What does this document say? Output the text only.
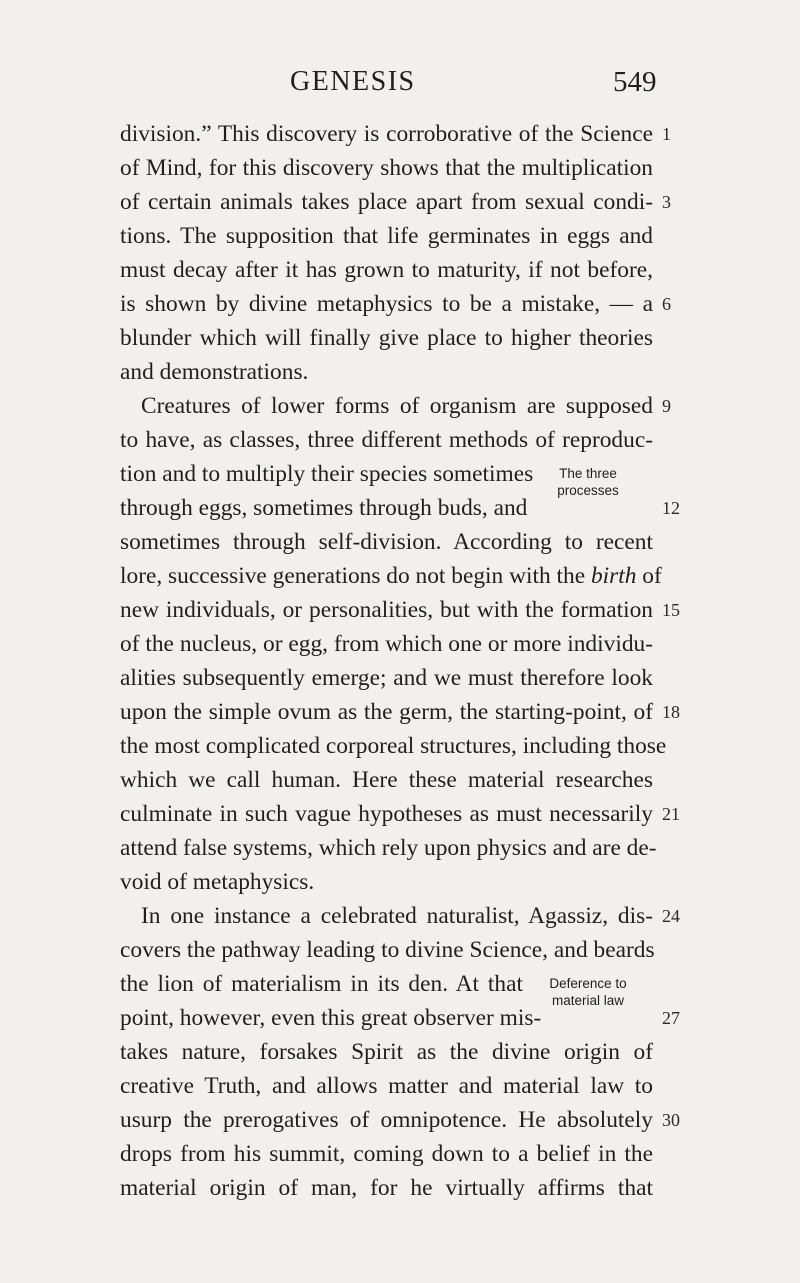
GENESIS	549
division.” This discovery is corroborative of the Science
of Mind, for this discovery shows that the multiplication
of certain animals takes place apart from sexual condi-
tions. The supposition that life germinates in eggs and
must decay after it has grown to maturity, if not before,
is shown by divine metaphysics to be a mistake, — a
blunder which will finally give place to higher theories
and demonstrations.
Creatures of lower forms of organism are supposed
to have, as classes, three different methods of reproduc-
tion and to multiply their species sometimes
through eggs, sometimes through buds, and
sometimes through self-division. According to recent
lore, successive generations do not begin with the birth of
new individuals, or personalities, but with the formation
of the nucleus, or egg, from which one or more individu-
alities subsequently emerge; and we must therefore look
upon the simple ovum as the germ, the starting-point, of
the most complicated corporeal structures, including those
which we call human. Here these material researches
culminate in such vague hypotheses as must necessarily
attend false systems, which rely upon physics and are de-
void of metaphysics.
In one instance a celebrated naturalist, Agassiz, dis-
covers the pathway leading to divine Science, and beards
the lion of materialism in its den. At that
point, however, even this great observer mis-
takes nature, forsakes Spirit as the divine origin of
creative Truth, and allows matter and material law to
usurp the prerogatives of omnipotence. He absolutely
drops from his summit, coming down to a belief in the
material origin of man, for he virtually affirms that
1
3
6
9
12
15
18
21
24
27
30
The three
processes
Deference to
material law
